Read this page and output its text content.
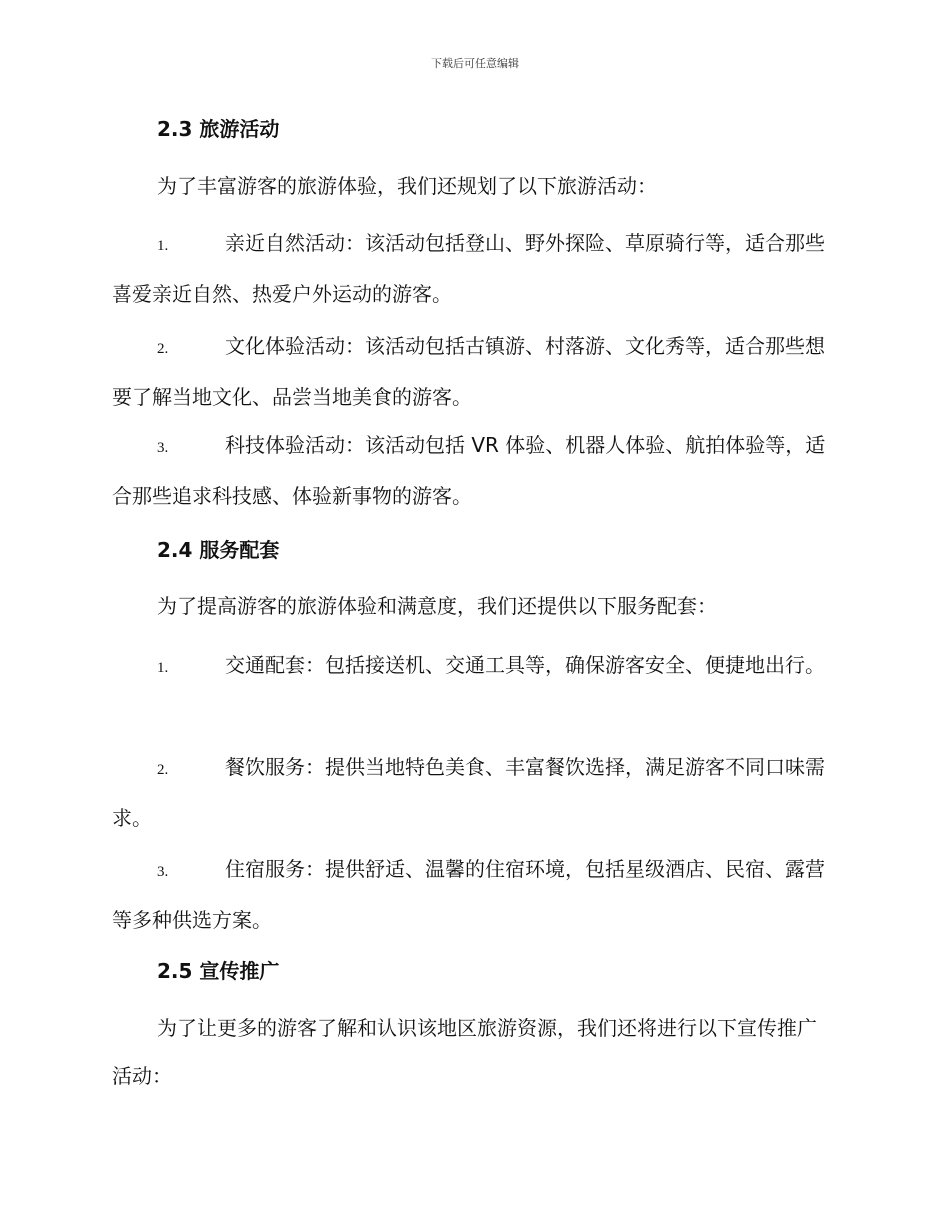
下载后可任意编辑
2.3 旅游活动
为了丰富游客的旅游体验，我们还规划了以下旅游活动：
1.	亲近自然活动：该活动包括登山、野外探险、草原骑行等，适合那些喜爱亲近自然、热爱户外运动的游客。
2.	文化体验活动：该活动包括古镇游、村落游、文化秀等，适合那些想要了解当地文化、品尝当地美食的游客。
3.	科技体验活动：该活动包括 VR 体验、机器人体验、航拍体验等，适合那些追求科技感、体验新事物的游客。
2.4 服务配套
为了提高游客的旅游体验和满意度，我们还提供以下服务配套：
1.	交通配套：包括接送机、交通工具等，确保游客安全、便捷地出行。
2.	餐饮服务：提供当地特色美食、丰富餐饮选择，满足游客不同口味需求。
3.	住宿服务：提供舒适、温馨的住宿环境，包括星级酒店、民宿、露营等多种供选方案。
2.5 宣传推广
为了让更多的游客了解和认识该地区旅游资源，我们还将进行以下宣传推广活动：
